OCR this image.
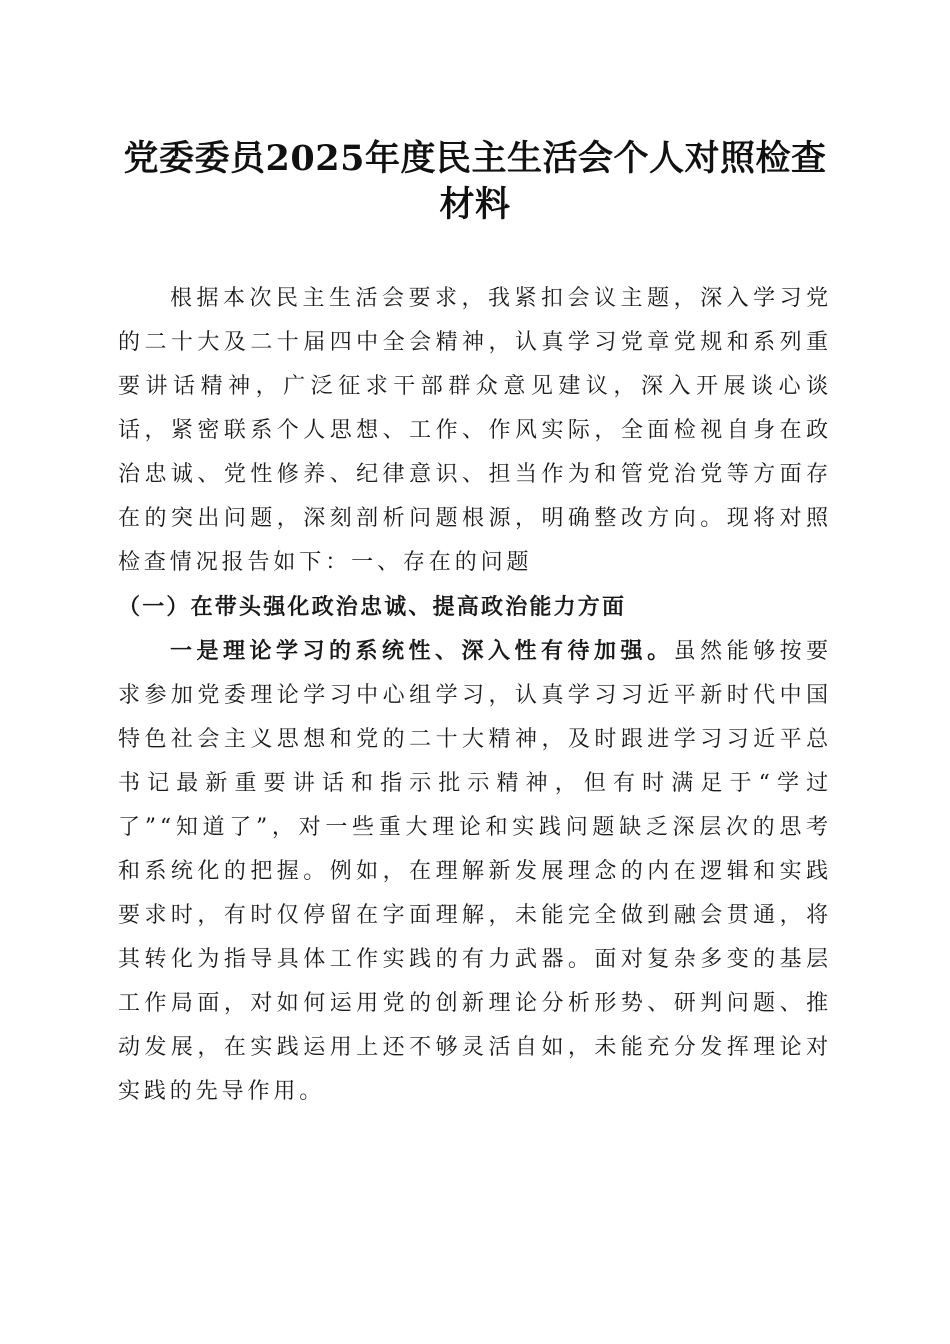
党委委员2025年度民主生活会个人对照检查
材料

根据本次民主生活会要求，我紧扣会议主题，深入学习党的二十大及二十届四中全会精神，认真学习党章党规和系列重要讲话精神，广泛征求干部群众意见建议，深入开展谈心谈话，紧密联系个人思想、工作、作风实际，全面检视自身在政治忠诚、党性修养、纪律意识、担当作为和管党治党等方面存在的突出问题，深刻剖析问题根源，明确整改方向。现将对照检查情况报告如下：一、存在的问题

（一）在带头强化政治忠诚、提高政治能力方面

一是理论学习的系统性、深入性有待加强。虽然能够按要求参加党委理论学习中心组学习，认真学习习近平新时代中国特色社会主义思想和党的二十大精神，及时跟进学习习近平总书记最新重要讲话和指示批示精神，但有时满足于“学过了”“知道了”，对一些重大理论和实践问题缺乏深层次的思考和系统化的把握。例如，在理解新发展理念的内在逻辑和实践要求时，有时仅停留在字面理解，未能完全做到融会贯通，将其转化为指导具体工作实践的有力武器。面对复杂多变的基层工作局面，对如何运用党的创新理论分析形势、研判问题、推动发展，在实践运用上还不够灵活自如，未能充分发挥理论对实践的先导作用。
